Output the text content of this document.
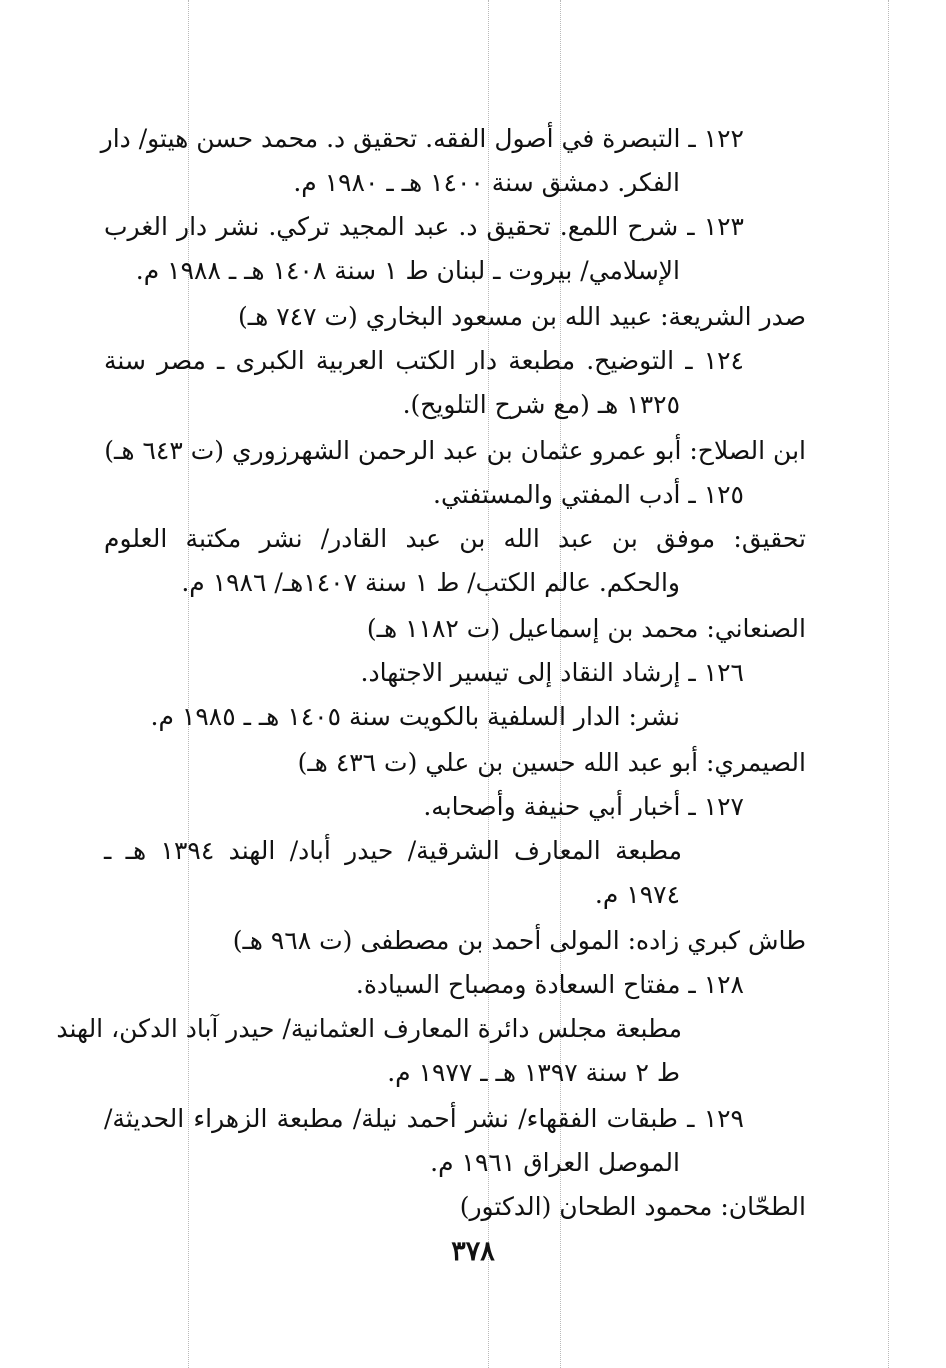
١٢٢ ـ التبصرة في أصول الفقه. تحقيق د. محمد حسن هيتو/ دار
الفكر. دمشق سنة ١٤٠٠ هـ ـ ١٩٨٠ م.
١٢٣ ـ شرح اللمع. تحقيق د. عبد المجيد تركي. نشر دار الغرب
الإسلامي/ بيروت ـ لبنان ط ١ سنة ١٤٠٨ هـ ـ ١٩٨٨ م.
صدر الشريعة: عبيد الله بن مسعود البخاري (ت ٧٤٧ هـ)
١٢٤ ـ التوضيح. مطبعة دار الكتب العربية الكبرى ـ مصر سنة
١٣٢٥ هـ (مع شرح التلويح).
ابن الصلاح: أبو عمرو عثمان بن عبد الرحمن الشهرزوري (ت ٦٤٣ هـ)
١٢٥ ـ أدب المفتي والمستفتي.
تحقيق: موفق بن عبد الله بن عبد القادر/ نشر مكتبة العلوم
والحكم. عالم الكتب/ ط ١ سنة ١٤٠٧هـ/ ١٩٨٦ م.
الصنعاني: محمد بن إسماعيل (ت ١١٨٢ هـ)
١٢٦ ـ إرشاد النقاد إلى تيسير الاجتهاد.
نشر: الدار السلفية بالكويت سنة ١٤٠٥ هـ ـ ١٩٨٥ م.
الصيمري: أبو عبد الله حسين بن علي (ت ٤٣٦ هـ)
١٢٧ ـ أخبار أبي حنيفة وأصحابه.
مطبعة المعارف الشرقية/ حيدر أباد/ الهند ١٣٩٤ هـ ـ
١٩٧٤ م.
طاش كبري زاده: المولى أحمد بن مصطفى (ت ٩٦٨ هـ)
١٢٨ ـ مفتاح السعادة ومصباح السيادة.
مطبعة مجلس دائرة المعارف العثمانية/ حيدر آباد الدكن، الهند
ط ٢ سنة ١٣٩٧ هـ ـ ١٩٧٧ م.
١٢٩ ـ طبقات الفقهاء/ نشر أحمد نيلة/ مطبعة الزهراء الحديثة/
الموصل العراق ١٩٦١ م.
الطحّان: محمود الطحان (الدكتور)
٣٧٨
